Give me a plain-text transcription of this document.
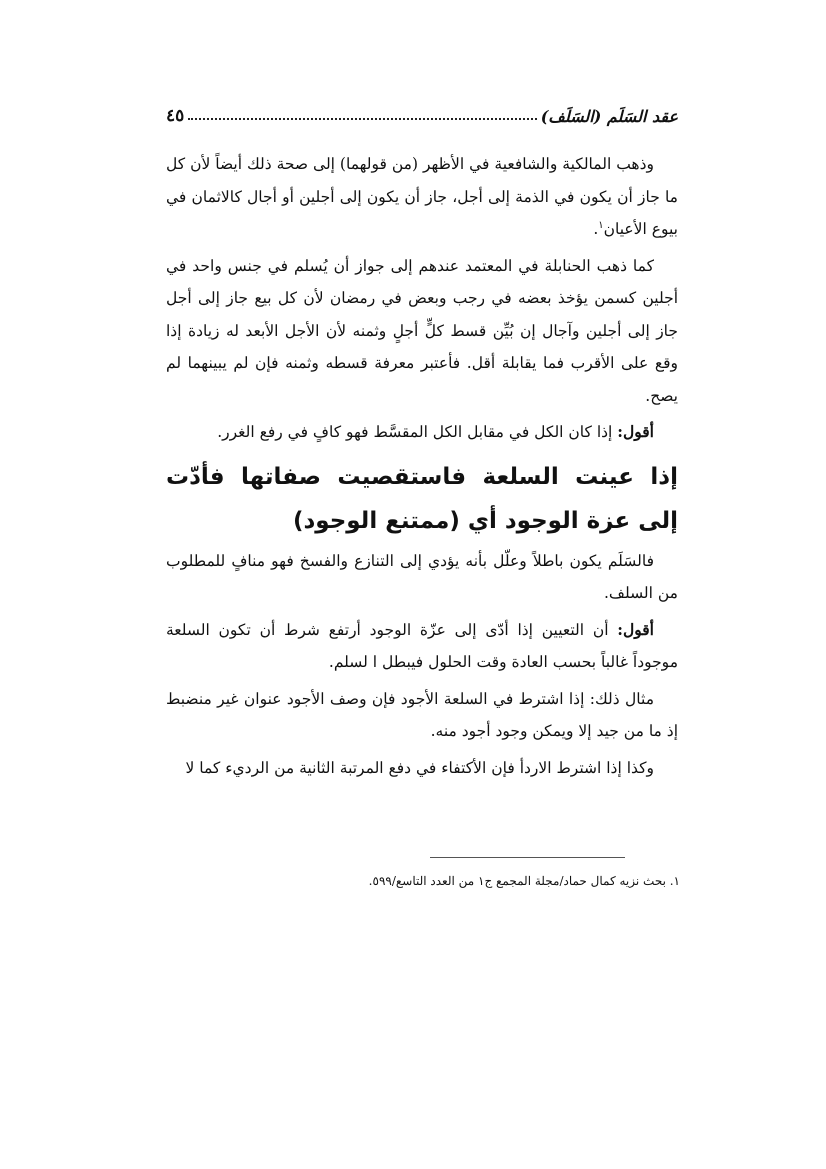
عقد السَلَم (السَلَف)
٤٥

وذهب المالكية والشافعية في الأظهر (من قولهما) إلى صحة ذلك أيضاً لأن كل ما جاز أن يكون في الذمة إلى أجل، جاز أن يكون إلى أجلين أو أجال كالاثمان في بيوع الأعيان$^١$.

كما ذهب الحنابلة في المعتمد عندهم إلى جواز أن يُسلم في جنس واحد في أجلين كسمن يؤخذ بعضه في رجب وبعض في رمضان لأن كل بيع جاز إلى أجل جاز إلى أجلين وآجال إن بُيِّن قسط كلٍّ أجلٍ وثمنه لأن الأجل الأبعد له زيادة إذا وقع على الأقرب فما يقابلة أقل. فأعتبر معرفة قسطه وثمنه فإن لم يبينهما لم يصح.

أقول: إذا كان الكل في مقابل الكل المقسَّط فهو كافٍ في رفع الغرر.

إذا عينت السلعة فاستقصيت صفاتها فأدّت إلى عزة الوجود أي (ممتنع الوجود)

فالسَلَم يكون باطلاً وعلّل بأنه يؤدي إلى التنازع والفسخ فهو منافٍ للمطلوب من السلف.

أقول: أن التعيين إذا أدّى إلى عزّة الوجود أرتفع شرط أن تكون السلعة موجوداً غالباً بحسب العادة وقت الحلول فيبطل ا لسلم.

مثال ذلك: إذا اشترط في السلعة الأجود فإن وصف الأجود عنوان غير منضبط إذ ما من جيد إلا ويمكن وجود أجود منه.

وكذا إذا اشترط الاردأ فإن الأكتفاء في دفع المرتبة الثانية من الرديء كما لا

١. بحث نزيه كمال حماد/مجلة المجمع ج١ من العدد التاسع/٥٩٩.
